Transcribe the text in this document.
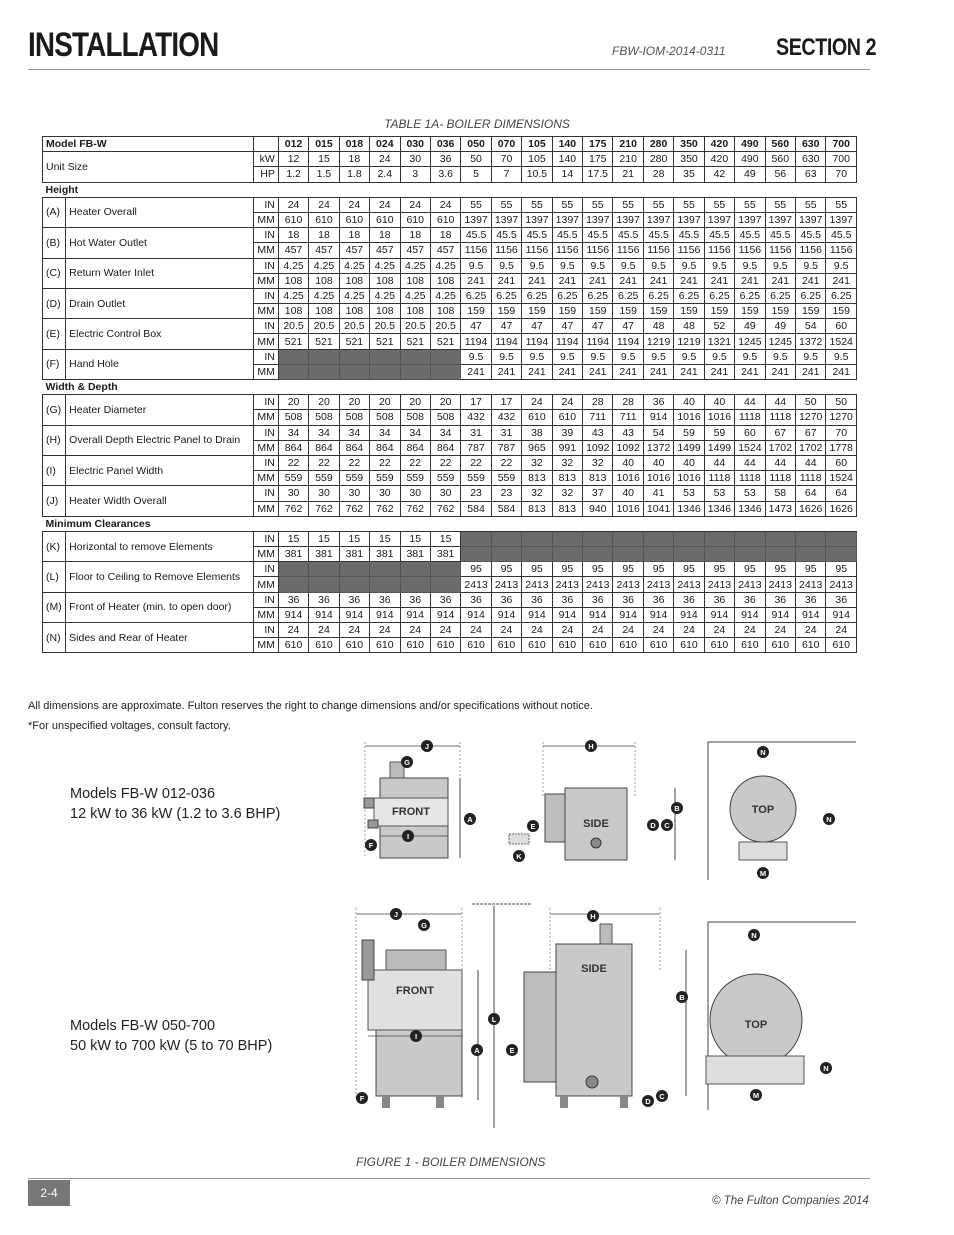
INSTALLATION	FBW-IOM-2014-0311 SECTION 2
TABLE 1A- BOILER DIMENSIONS
Model FB-W			012	015	018	024	030	036	050	070	105	140	175	210	280	350	420	490	560	630	700
Unit Size		kW	12	15	18	24	30	36	50	70	105	140	175	210	280	350	420	490	560	630	700
		HP	1.2	1.5	1.8	2.4	3	3.6	5	7	10.5	14	17.5	21	28	35	42	49	56	63	70
Height																					
(A)	Heater Overall	IN	24	24	24	24	24	24	55	55	55	55	55	55	55	55	55	55	55	55	55
		MM	610	610	610	610	610	610	1397	1397	1397	1397	1397	1397	1397	1397	1397	1397	1397	1397	1397
(B)	Hot Water Outlet	IN	18	18	18	18	18	18	45.5	45.5	45.5	45.5	45.5	45.5	45.5	45.5	45.5	45.5	45.5	45.5	45.5
		MM	457	457	457	457	457	457	1156	1156	1156	1156	1156	1156	1156	1156	1156	1156	1156	1156	1156
(C)	Return Water Inlet	IN	4.25	4.25	4.25	4.25	4.25	4.25	9.5	9.5	9.5	9.5	9.5	9.5	9.5	9.5	9.5	9.5	9.5	9.5	9.5
		MM	108	108	108	108	108	108	241	241	241	241	241	241	241	241	241	241	241	241	241
(D)	Drain Outlet	IN	4.25	4.25	4.25	4.25	4.25	4.25	6.25	6.25	6.25	6.25	6.25	6.25	6.25	6.25	6.25	6.25	6.25	6.25	6.25
		MM	108	108	108	108	108	108	159	159	159	159	159	159	159	159	159	159	159	159	159
(E)	Electric Control Box	IN	20.5	20.5	20.5	20.5	20.5	20.5	47	47	47	47	47	47	48	48	52	49	49	54	60
		MM	521	521	521	521	521	521	1194	1194	1194	1194	1194	1194	1219	1219	1321	1245	1245	1372	1524
(F)	Hand Hole	IN							9.5	9.5	9.5	9.5	9.5	9.5	9.5	9.5	9.5	9.5	9.5	9.5	9.5
		MM							241	241	241	241	241	241	241	241	241	241	241	241	241
Width & Depth																					
(G)	Heater Diameter	IN	20	20	20	20	20	20	17	17	24	24	28	28	36	40	40	44	44	50	50
		MM	508	508	508	508	508	508	432	432	610	610	711	711	914	1016	1016	1118	1118	1270	1270
(H)	Overall Depth Electric Panel to Drain	IN	34	34	34	34	34	34	31	31	38	39	43	43	54	59	59	60	67	67	70
		MM	864	864	864	864	864	864	787	787	965	991	1092	1092	1372	1499	1499	1524	1702	1702	1778
(I)	Electric Panel Width	IN	22	22	22	22	22	22	22	22	32	32	32	40	40	40	44	44	44	44	60
		MM	559	559	559	559	559	559	559	559	813	813	813	1016	1016	1016	1118	1118	1118	1118	1524
(J)	Heater Width Overall	IN	30	30	30	30	30	30	23	23	32	32	37	40	41	53	53	53	58	64	64
		MM	762	762	762	762	762	762	584	584	813	813	940	1016	1041	1346	1346	1346	1473	1626	1626
Minimum Clearances																					
(K)	Horizontal to remove Elements	IN	15	15	15	15	15	15													
		MM	381	381	381	381	381	381													
(L)	Floor to Ceiling to Remove Elements	IN							95	95	95	95	95	95	95	95	95	95	95	95	95
		MM							2413	2413	2413	2413	2413	2413	2413	2413	2413	2413	2413	2413	2413
(M)	Front of Heater (min. to open door)	IN	36	36	36	36	36	36	36	36	36	36	36	36	36	36	36	36	36	36	36
		MM	914	914	914	914	914	914	914	914	914	914	914	914	914	914	914	914	914	914	914
(N)	Sides and Rear of Heater	IN	24	24	24	24	24	24	24	24	24	24	24	24	24	24	24	24	24	24	24
		MM	610	610	610	610	610	610	610	610	610	610	610	610	610	610	610	610	610	610	610
All dimensions are approximate. Fulton reserves the right to change dimensions and/or specifications without notice.
*For unspecified voltages, consult factory.
Models FB-W 012-036
12 kW to 36 kW (1.2 to 3.6 BHP)
Models FB-W 050-700
50 kW to 700 kW (5 to 70 BHP)
FRONT
J
G
I
A
F
SIDE
H
E
K
B
D C
TOP
N
N
M
FRONT
J
G
I
A
L
F
SIDE
H
E
B
D
C
TOP
N
N
M
FIGURE 1 - BOILER DIMENSIONS
2-4
© The Fulton Companies 2014
